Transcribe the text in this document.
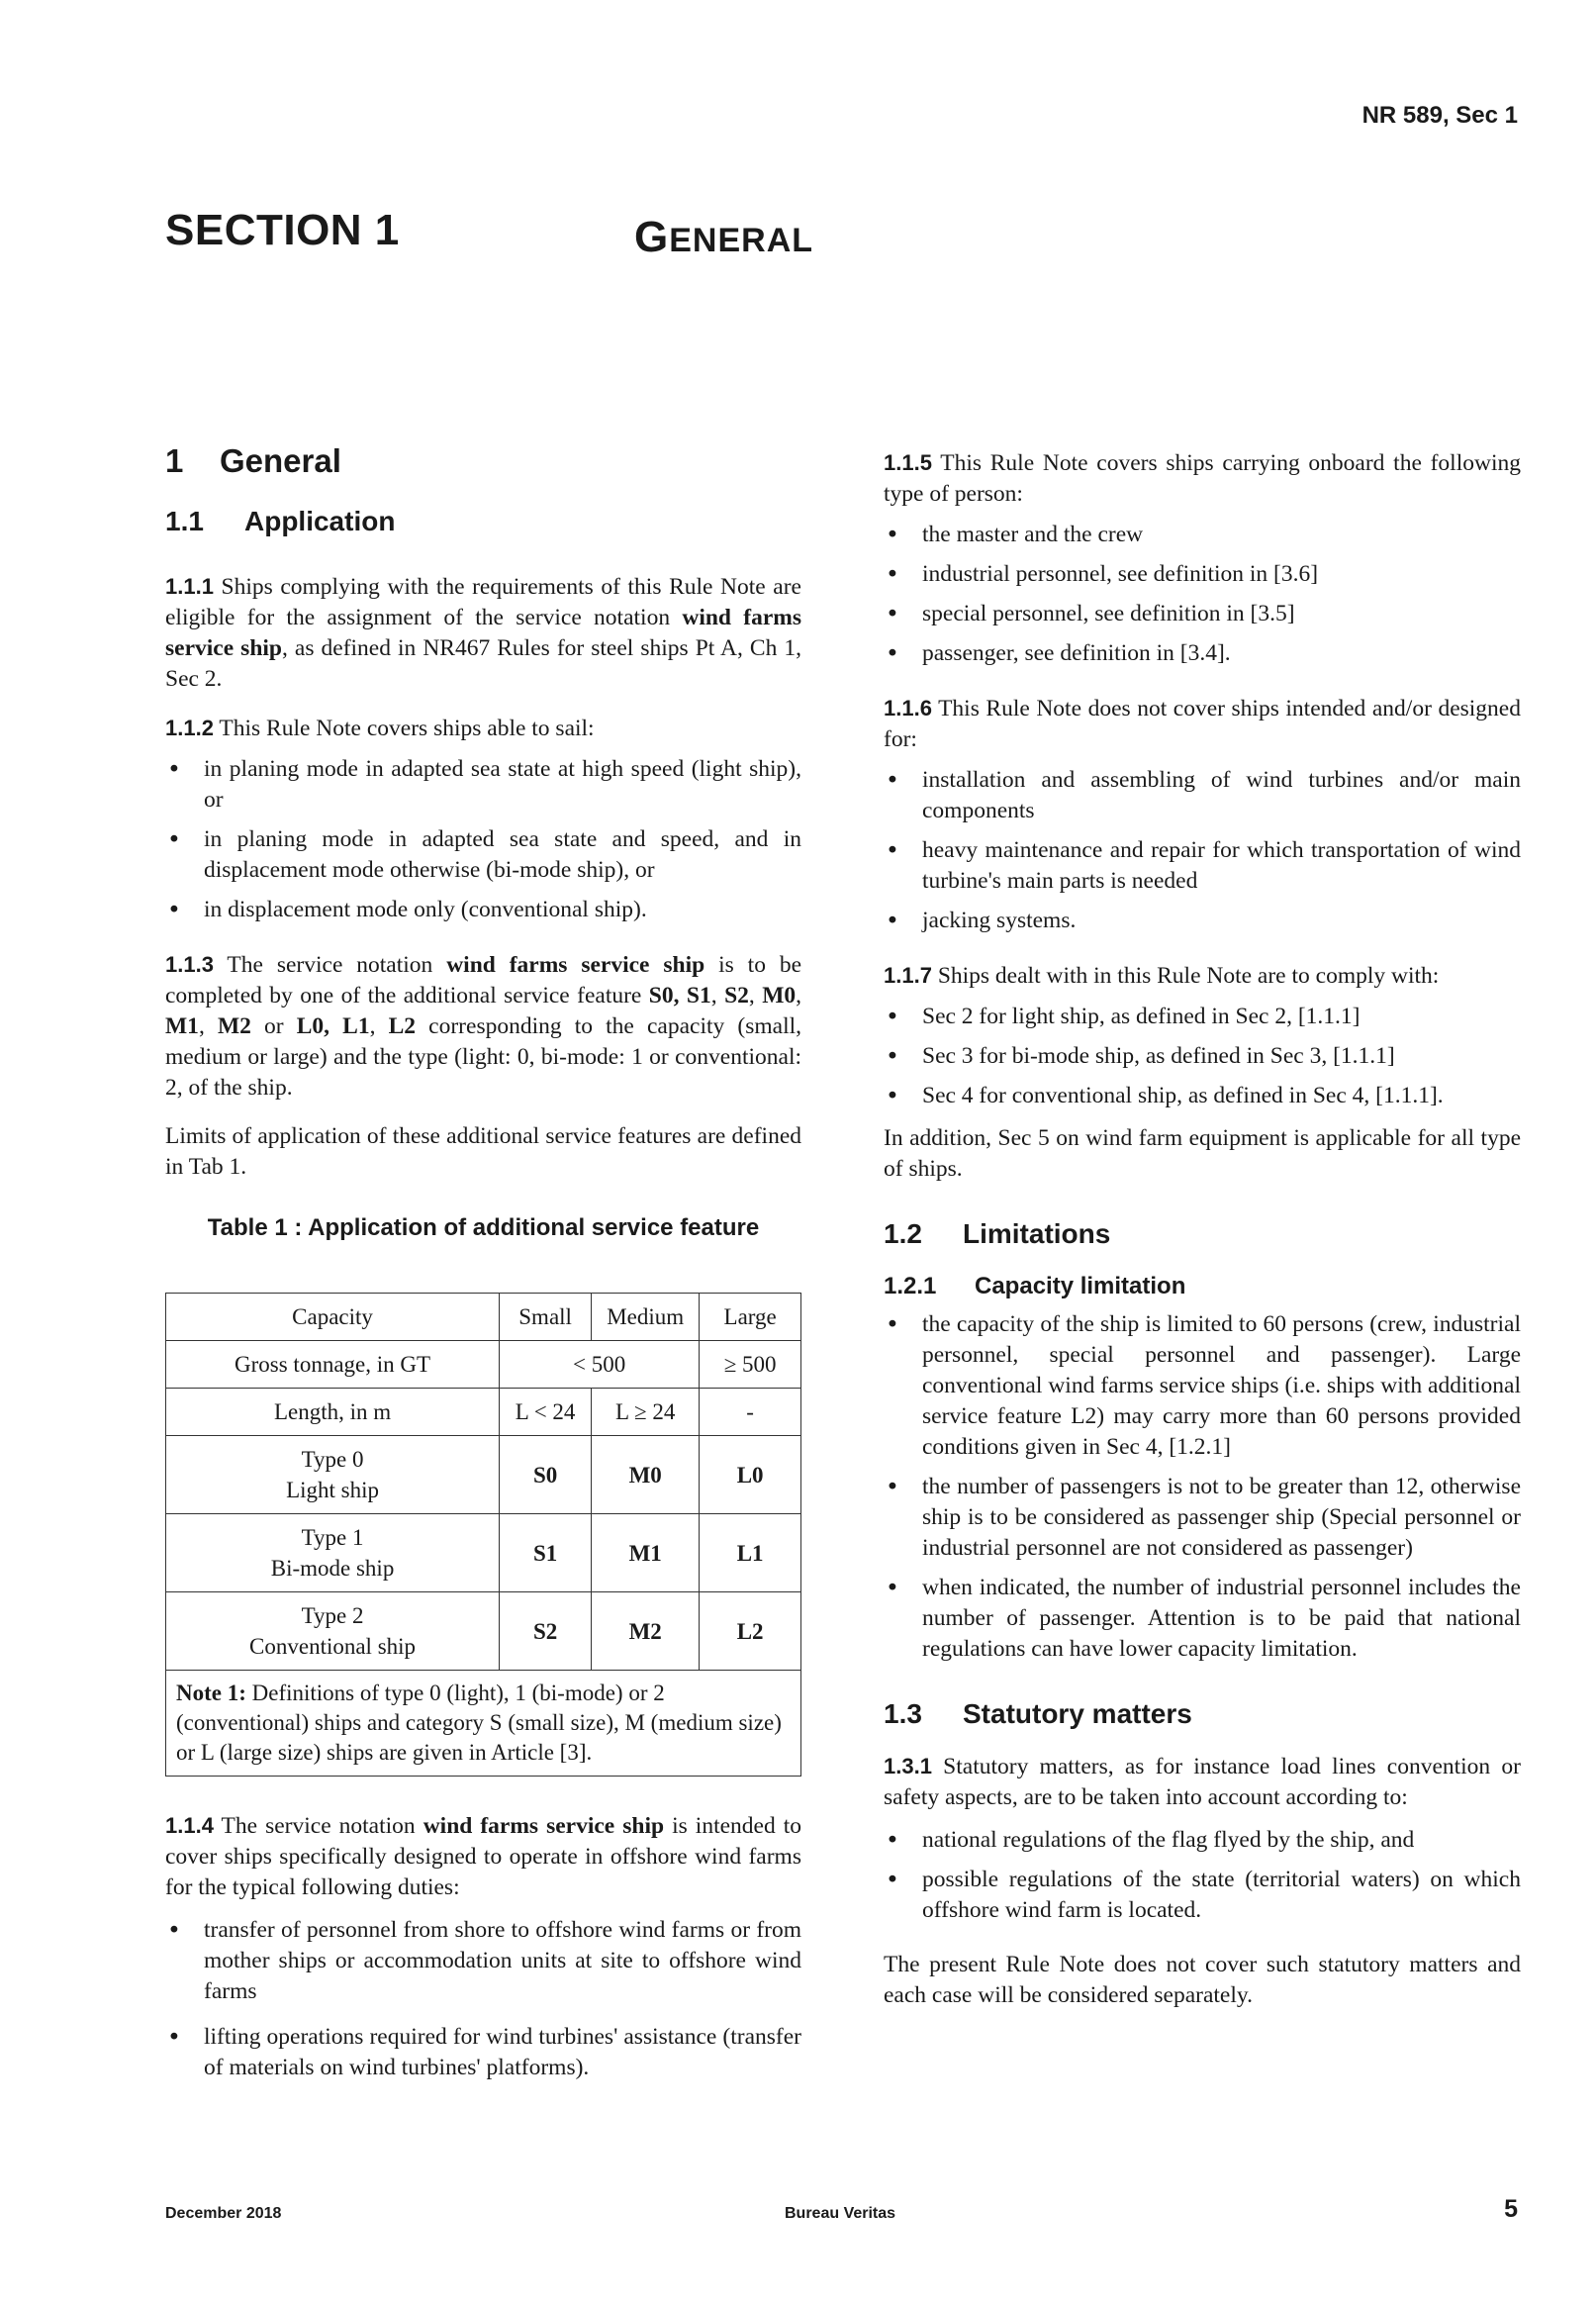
NR 589, Sec 1
SECTION 1	GENERAL
1 General
1.1 Application

1.1.1 Ships complying with the requirements of this Rule Note are eligible for the assignment of the service notation wind farms service ship, as defined in NR467 Rules for steel ships Pt A, Ch 1, Sec 2.

1.1.2 This Rule Note covers ships able to sail:

• in planing mode in adapted sea state at high speed (light ship), or
• in planing mode in adapted sea state and speed, and in displacement mode otherwise (bi-mode ship), or
• in displacement mode only (conventional ship).

1.1.3 The service notation wind farms service ship is to be completed by one of the additional service feature S0, S1, S2, M0, M1, M2 or L0, L1, L2 corresponding to the capacity (small, medium or large) and the type (light: 0, bi-mode: 1 or conventional: 2, of the ship.

Limits of application of these additional service features are defined in Tab 1.

Table 1 : Application of additional service feature
Capacity	Small	Medium	Large
Gross tonnage, in GT	< 500		≥ 500
Length, in m	L < 24	L ≥ 24	-

Type 0
Light ship	S0	M0	L0

Type 1
Bi-mode ship	S1	M1	L1

Type 2
Conventional ship	S2	M2	L2
Note 1: Definitions of type 0 (light), 1 (bi-mode) or 2 (conventional) ships and category S (small size), M (medium size) or L (large size) ships are given in Article [3].			

1.1.4 The service notation wind farms service ship is intended to cover ships specifically designed to operate in offshore wind farms for the typical following duties:

• transfer of personnel from shore to offshore wind farms or from mother ships or accommodation units at site to offshore wind farms
• lifting operations required for wind turbines' assistance (transfer of materials on wind turbines' platforms).

1.1.5 This Rule Note covers ships carrying onboard the following type of person:

• the master and the crew
• industrial personnel, see definition in [3.6]
• special personnel, see definition in [3.5]
• passenger, see definition in [3.4].

1.1.6 This Rule Note does not cover ships intended and/or designed for:

• installation and assembling of wind turbines and/or main components
• heavy maintenance and repair for which transportation of wind turbine's main parts is needed
• jacking systems.

1.1.7 Ships dealt with in this Rule Note are to comply with:

• Sec 2 for light ship, as defined in Sec 2, [1.1.1]
• Sec 3 for bi-mode ship, as defined in Sec 3, [1.1.1]
• Sec 4 for conventional ship, as defined in Sec 4, [1.1.1].

In addition, Sec 5 on wind farm equipment is applicable for all type of ships.

1.2 Limitations
1.2.1 Capacity limitation
• the capacity of the ship is limited to 60 persons (crew, industrial personnel, special personnel and passenger). Large conventional wind farms service ships (i.e. ships with additional service feature L2) may carry more than 60 persons provided conditions given in Sec 4, [1.2.1]
• the number of passengers is not to be greater than 12, otherwise ship is to be considered as passenger ship (Special personnel or industrial personnel are not considered as passenger)
• when indicated, the number of industrial personnel includes the number of passenger. Attention is to be paid that national regulations can have lower capacity limitation.
1.3 Statutory matters

1.3.1 Statutory matters, as for instance load lines convention or safety aspects, are to be taken into account according to:

• national regulations of the flag flyed by the ship, and
• possible regulations of the state (territorial waters) on which offshore wind farm is located.

The present Rule Note does not cover such statutory matters and each case will be considered separately.

December 2018	Bureau Veritas	5
